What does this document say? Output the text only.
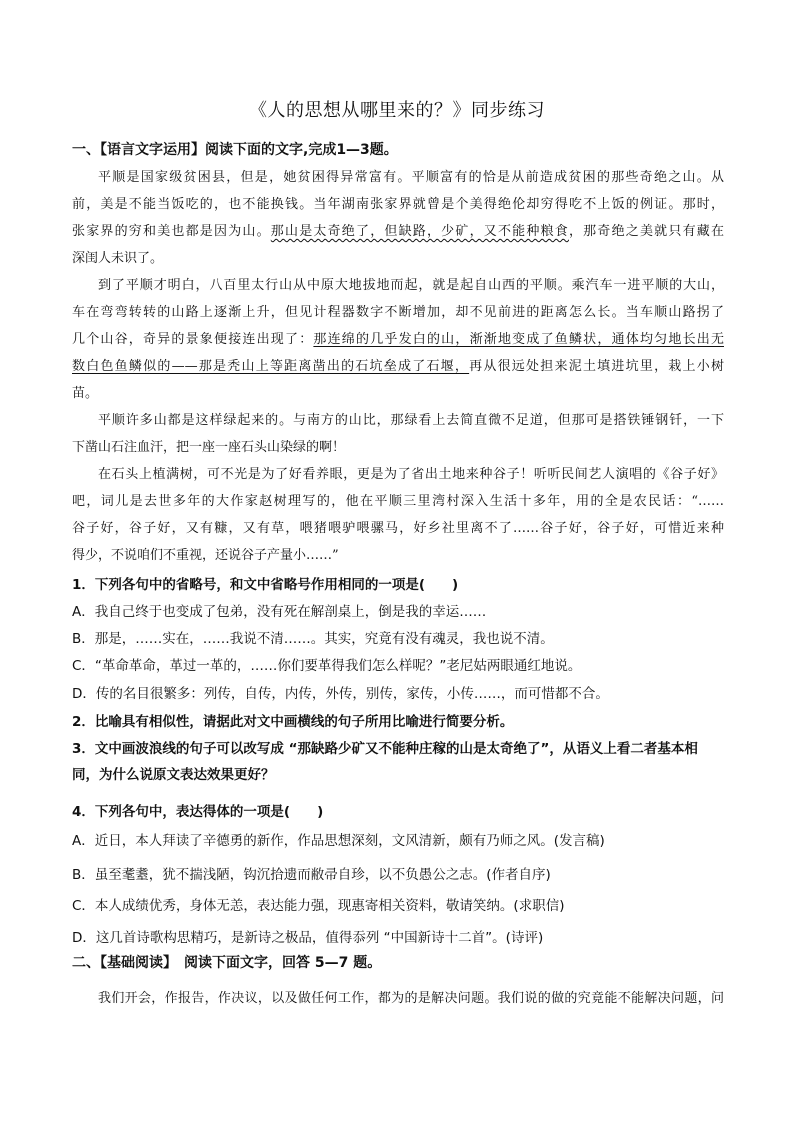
《人的思想从哪里来的？》同步练习
一、【语言文字运用】阅读下面的文字,完成1—3题。
平顺是国家级贫困县，但是，她贫困得异常富有。平顺富有的恰是从前造成贫困的那些奇绝之山。从
前，美是不能当饭吃的，也不能换钱。当年湖南张家界就曾是个美得绝伦却穷得吃不上饭的例证。那时，
张家界的穷和美也都是因为山。那山是太奇绝了，但缺路，少矿，又不能种粮食，那奇绝之美就只有藏在
深闺人未识了。
到了平顺才明白，八百里太行山从中原大地拔地而起，就是起自山西的平顺。乘汽车一进平顺的大山，
车在弯弯转转的山路上逐渐上升，但见计程器数字不断增加，却不见前进的距离怎么长。当车顺山路拐了
几个山谷，奇异的景象便接连出现了：那连绵的几乎发白的山，渐渐地变成了鱼鳞状，通体均匀地长出无
数白色鱼鳞似的——那是秃山上等距离凿出的石坑垒成了石堰，再从很远处担来泥土填进坑里，栽上小树
苗。
平顺许多山都是这样绿起来的。与南方的山比，那绿看上去简直微不足道，但那可是搭铁锤钢钎，一下
下凿山石注血汗，把一座一座石头山染绿的啊！
在石头上植满树，可不光是为了好看养眼，更是为了省出土地来种谷子！听听民间艺人演唱的《谷子好》
吧，词儿是去世多年的大作家赵树理写的，他在平顺三里湾村深入生活十多年，用的全是农民话：“……
谷子好，谷子好，又有糠，又有草，喂猪喂驴喂骡马，好乡社里离不了……谷子好，谷子好，可惜近来种
得少，不说咱们不重视，还说谷子产量小……”
1．下列各句中的省略号，和文中省略号作用相同的一项是(　　)
A．我自己终于也变成了包弟，没有死在解剖桌上，倒是我的幸运……
B．那是，……实在，……我说不清……。其实，究竟有没有魂灵，我也说不清。
C．“革命革命，革过一革的，……你们要革得我们怎么样呢？”老尼姑两眼通红地说。
D．传的名目很繁多：列传，自传，内传，外传，别传，家传，小传……，而可惜都不合。
2．比喻具有相似性，请据此对文中画横线的句子所用比喻进行简要分析。
3．文中画波浪线的句子可以改写成 “那缺路少矿又不能种庄稼的山是太奇绝了”，从语义上看二者基本相
同，为什么说原文表达效果更好？
4．下列各句中，表达得体的一项是(　　)
A．近日，本人拜读了辛德勇的新作，作品思想深刻，文风清新，颇有乃师之风。(发言稿)
B．虽至耄耋，犹不揣浅陋，钩沉拾遗而敝帚自珍，以不负愚公之志。(作者自序)
C．本人成绩优秀，身体无恙，表达能力强，现惠寄相关资料，敬请笑纳。(求职信)
D．这几首诗歌构思精巧，是新诗之极品，值得忝列 “中国新诗十二首”。(诗评)
二、【基础阅读】　阅读下面文字，回答 5—7 题。
我们开会，作报告，作决议，以及做任何工作，都为的是解决问题。我们说的做的究竟能不能解决问题，问
